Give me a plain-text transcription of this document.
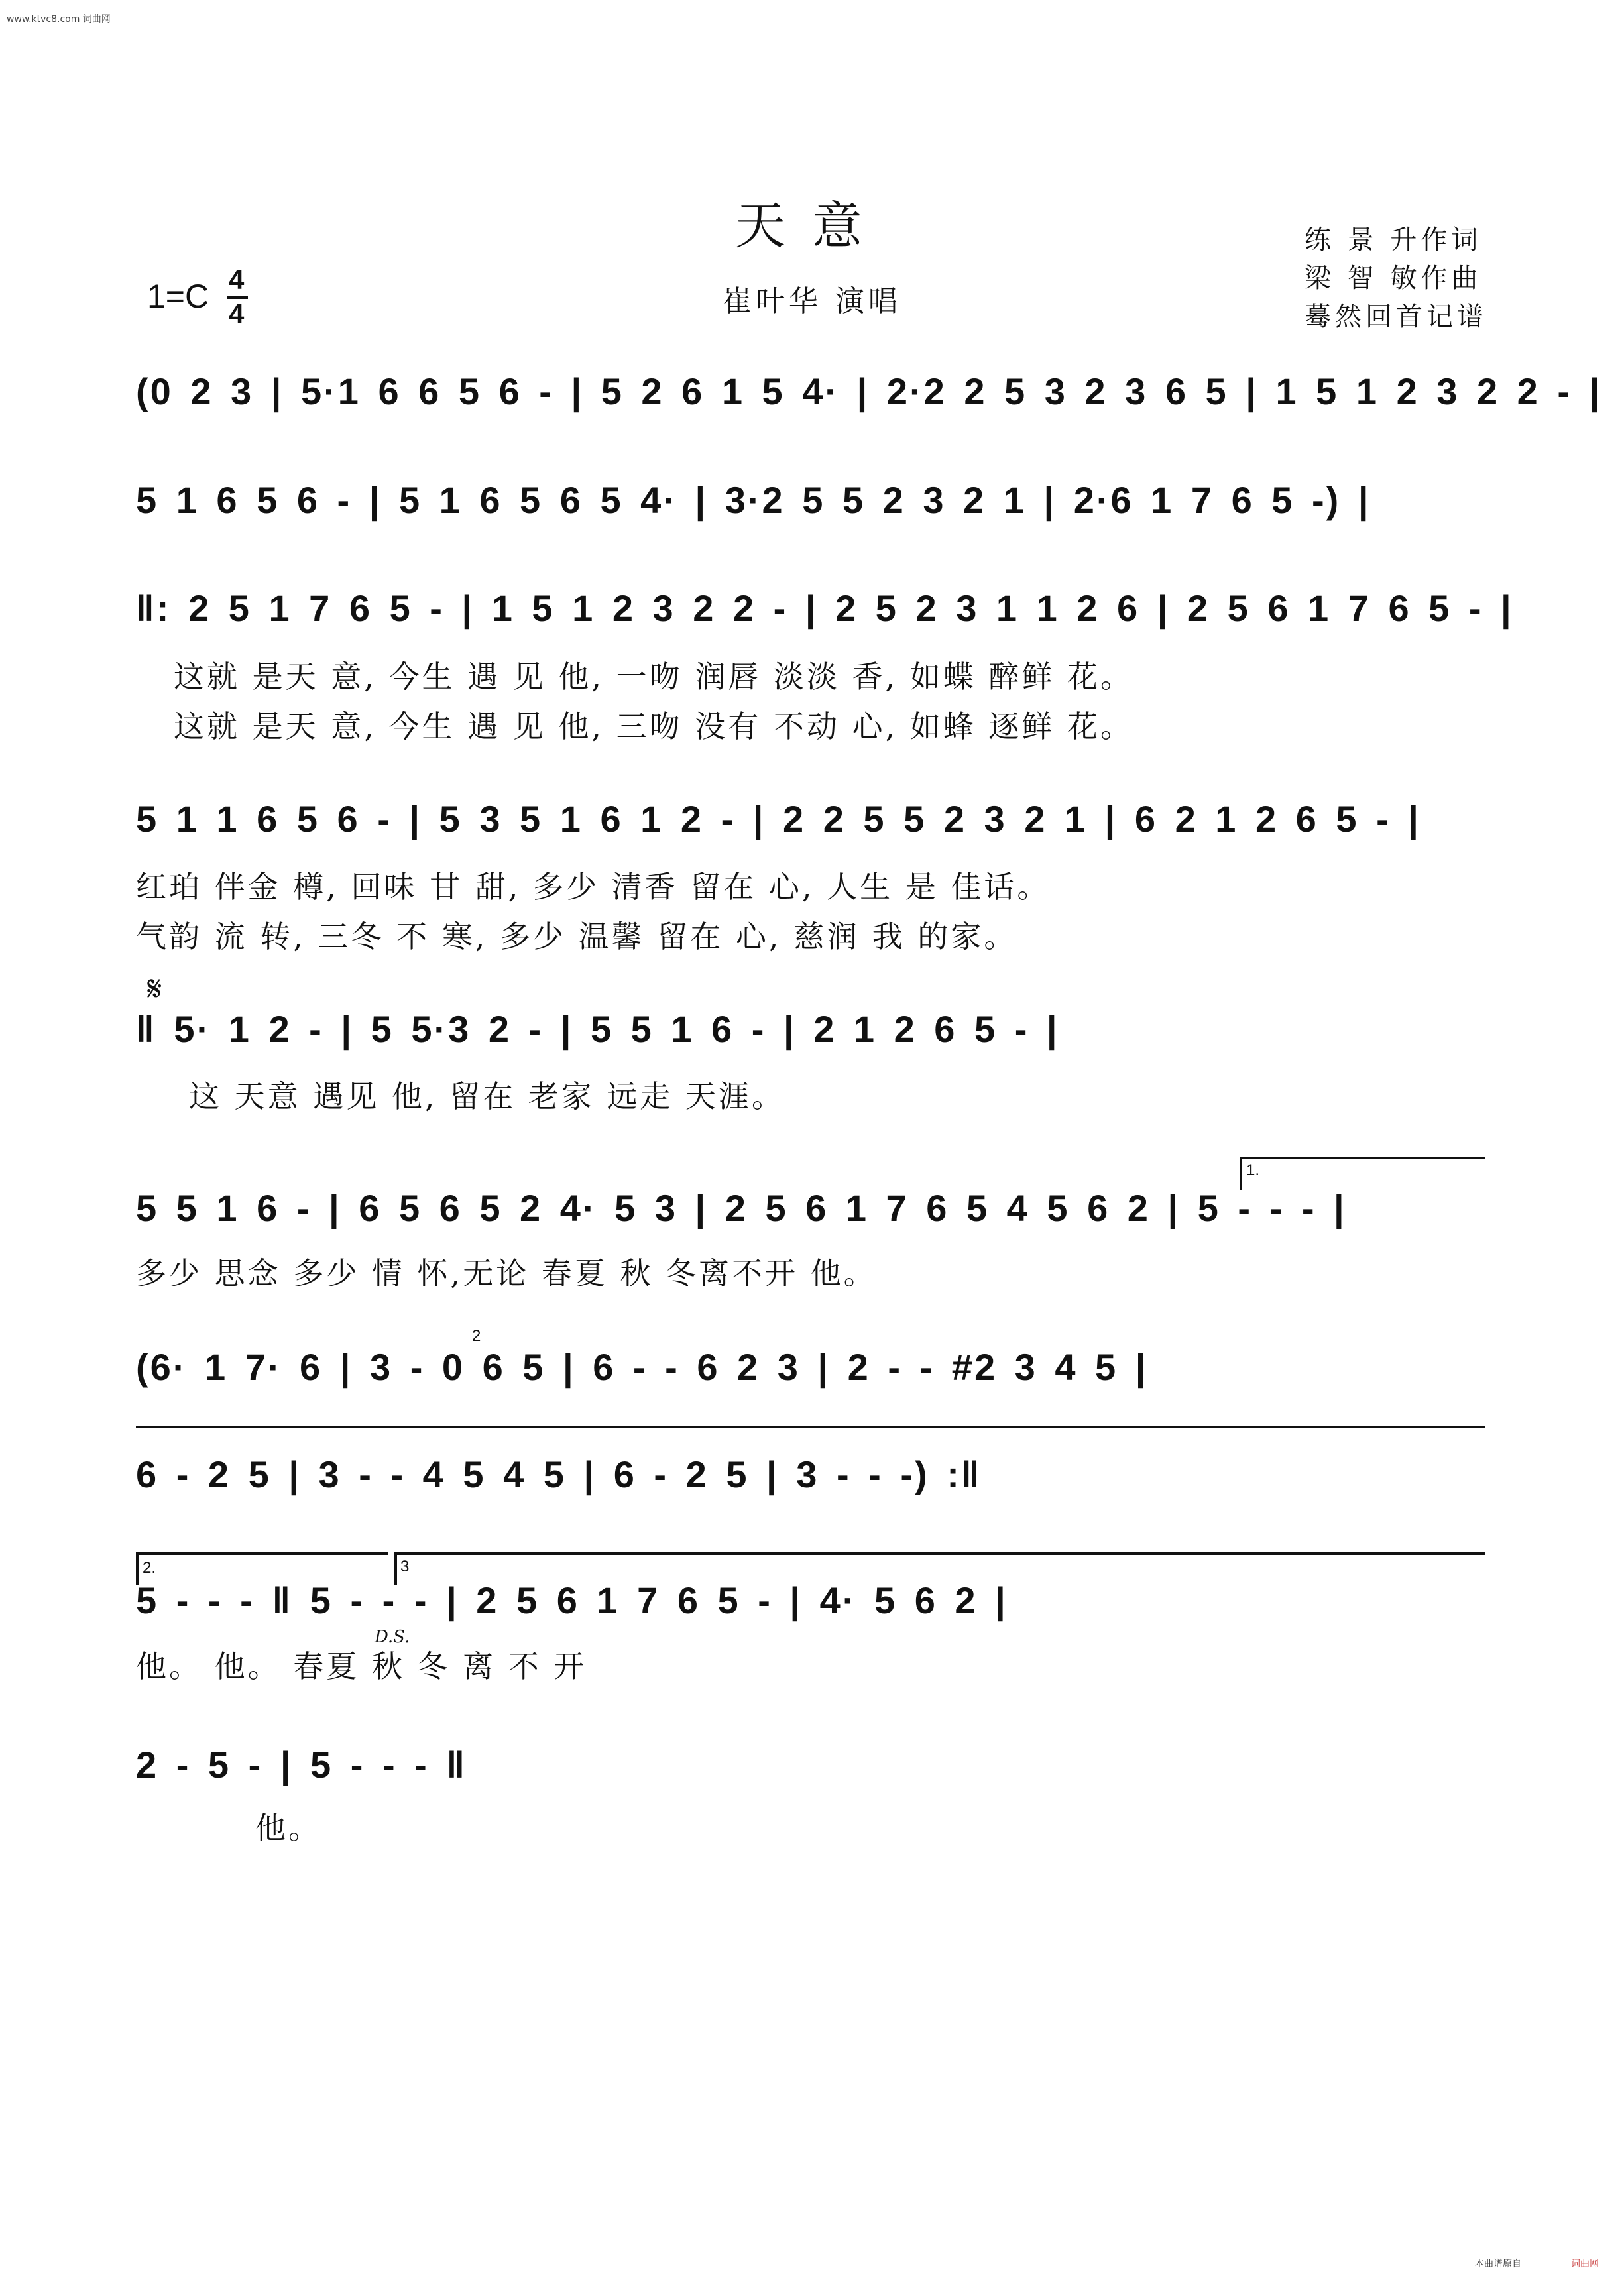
www.ktvc8.com 词曲网
天意
崔叶华 演唱
练 景 升作词
梁 智 敏作曲
蓦然回首记谱
1=C 4
4
(0 2 3 | 5·1 6 6 5 6 - | 5 2 6 1 5 4· | 2·2 2 5 3 2 3 6 5 | 1 5 1 2 3 2 2 - |
5 1 6 5 6 - | 5 1 6 5 6 5 4· | 3·2 5 5 2 3 2 1 | 2·6 1 7 6 5 -) |
‖: 2 5 1 7 6 5 - | 1 5 1 2 3 2 2 - | 2 5 2 3 1 1 2 6 | 2 5 6 1 7 6 5 - |
这就 是天 意, 今生 遇 见 他, 一吻 润唇 淡淡 香, 如蝶 醉鲜 花。
这就 是天 意, 今生 遇 见 他, 三吻 没有 不动 心, 如蜂 逐鲜 花。
5 1 1 6 5 6 - | 5 3 5 1 6 1 2 - | 2 2 5 5 2 3 2 1 | 6 2 1 2 6 5 - |
红珀 伴金 樽, 回味 甘 甜, 多少 清香 留在 心, 人生 是 佳话。
气韵 流 转, 三冬 不 寒, 多少 温馨 留在 心, 慈润 我 的家。
𝄋
‖ 5· 1 2 - | 5 5·3 2 - | 5 5 1 6 - | 2 1 2 6 5 - |
这 天意 遇见 他, 留在 老家 远走 天涯。
1.
5 5 1 6 - | 6 5 6 5 2 4· 5 3 | 2 5 6 1 7 6 5 4 5 6 2 | 5 - - - |
多少 思念 多少 情 怀,无论 春夏 秋 冬离不开 他。
(6· 1 7· 6 | 3 - 0 6 5 | 6 - - 6 2 3 | 2 - - #2 3 4 5 |
2
6 - 2 5 | 3 - - 4 5 4 5 | 6 - 2 5 | 3 - - -) :‖
2.	3
5 - - - ‖ 5 - - - | 2 5 6 1 7 6 5 - | 4· 5 6 2 |
D.S.
他。 他。 春夏 秋 冬 离 不 开
2 - 5 - | 5 - - - ‖
他。
本曲谱原自	词曲网
